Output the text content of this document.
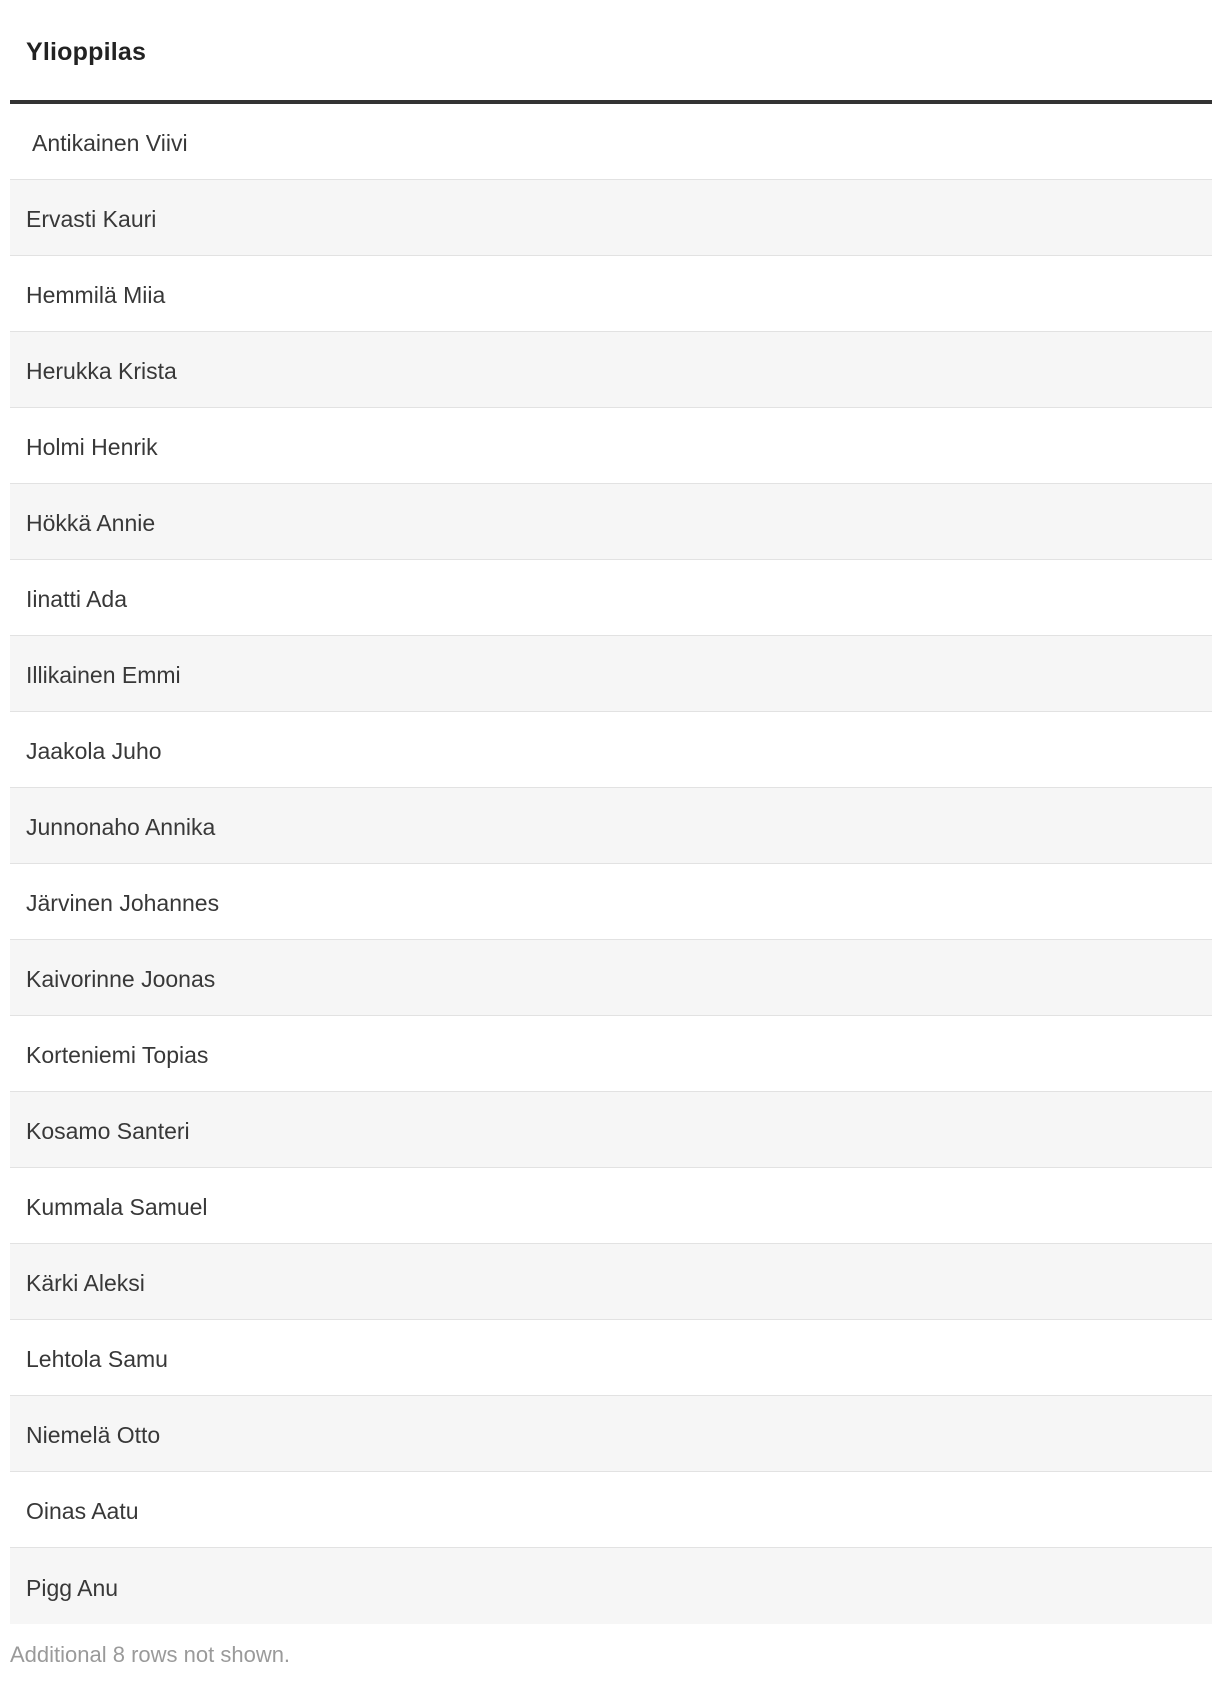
Ylioppilas
Antikainen Viivi
Ervasti Kauri
Hemmilä Miia
Herukka Krista
Holmi Henrik
Hökkä Annie
Iinatti Ada
Illikainen Emmi
Jaakola Juho
Junnonaho Annika
Järvinen Johannes
Kaivorinne Joonas
Korteniemi Topias
Kosamo Santeri
Kummala Samuel
Kärki Aleksi
Lehtola Samu
Niemelä Otto
Oinas Aatu
Pigg Anu
Additional 8 rows not shown.
